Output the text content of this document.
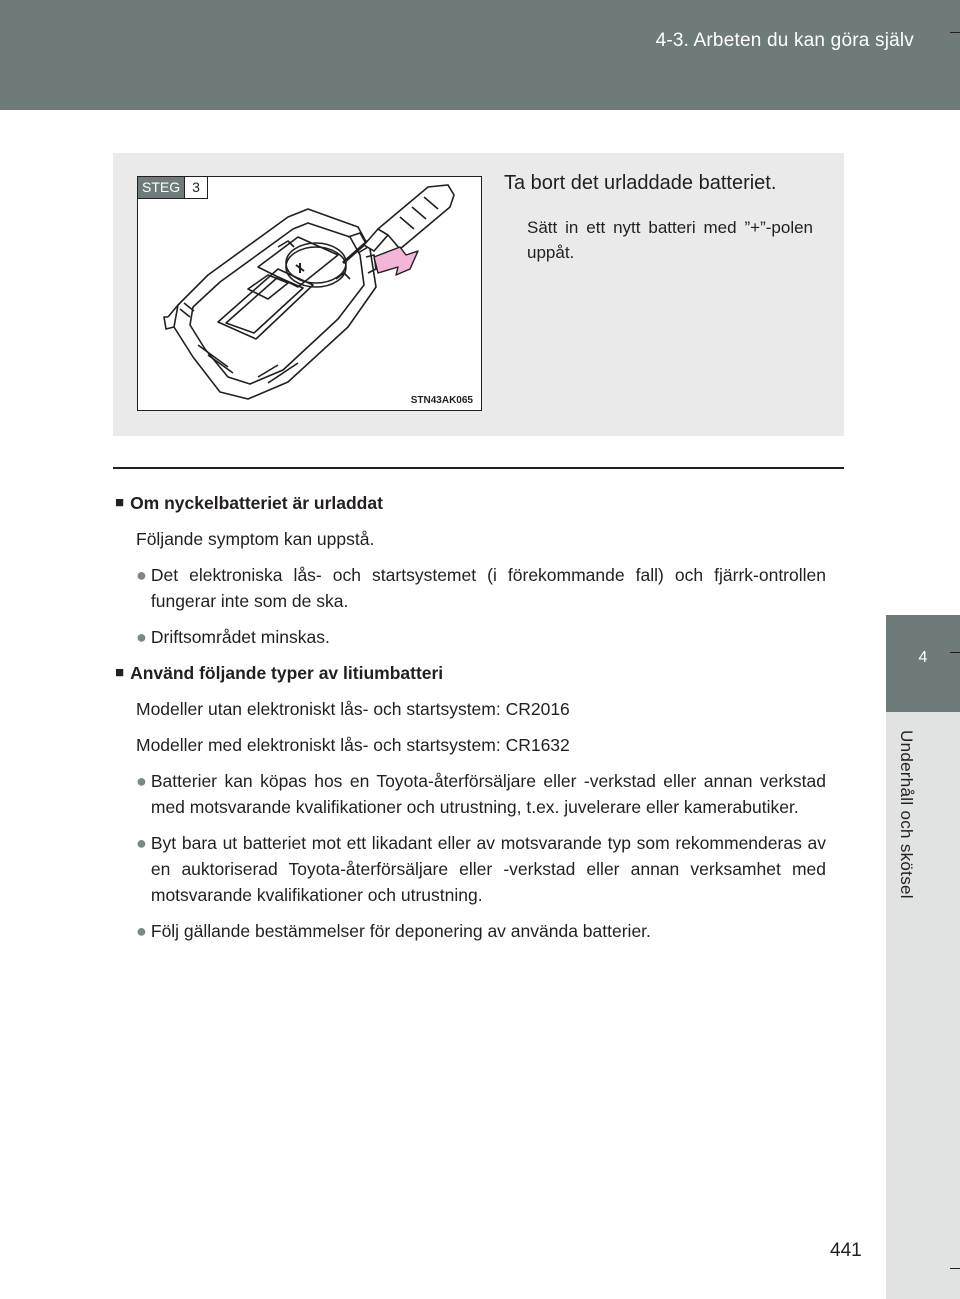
4-3. Arbeten du kan göra själv
4
Underhåll och skötsel
STEG 3
STN43AK065
Ta bort det urladdade batteriet.
Sätt in ett nytt batteri med ”+”-polen uppåt.
■ Om nyckelbatteriet är urladdat
Följande symptom kan uppstå.
● Det elektroniska lås- och startsystemet (i förekommande fall) och fjärrk-ontrollen fungerar inte som de ska.
● Driftsområdet minskas.
■ Använd följande typer av litiumbatteri
Modeller utan elektroniskt lås- och startsystem: CR2016
Modeller med elektroniskt lås- och startsystem: CR1632
● Batterier kan köpas hos en Toyota-återförsäljare eller -verkstad eller annan verkstad med motsvarande kvalifikationer och utrustning, t.ex. juvelerare eller kamerabutiker.
● Byt bara ut batteriet mot ett likadant eller av motsvarande typ som rekommenderas av en auktoriserad Toyota-återförsäljare eller -verkstad eller annan verksamhet med motsvarande kvalifikationer och utrustning.
● Följ gällande bestämmelser för deponering av använda batterier.
441
